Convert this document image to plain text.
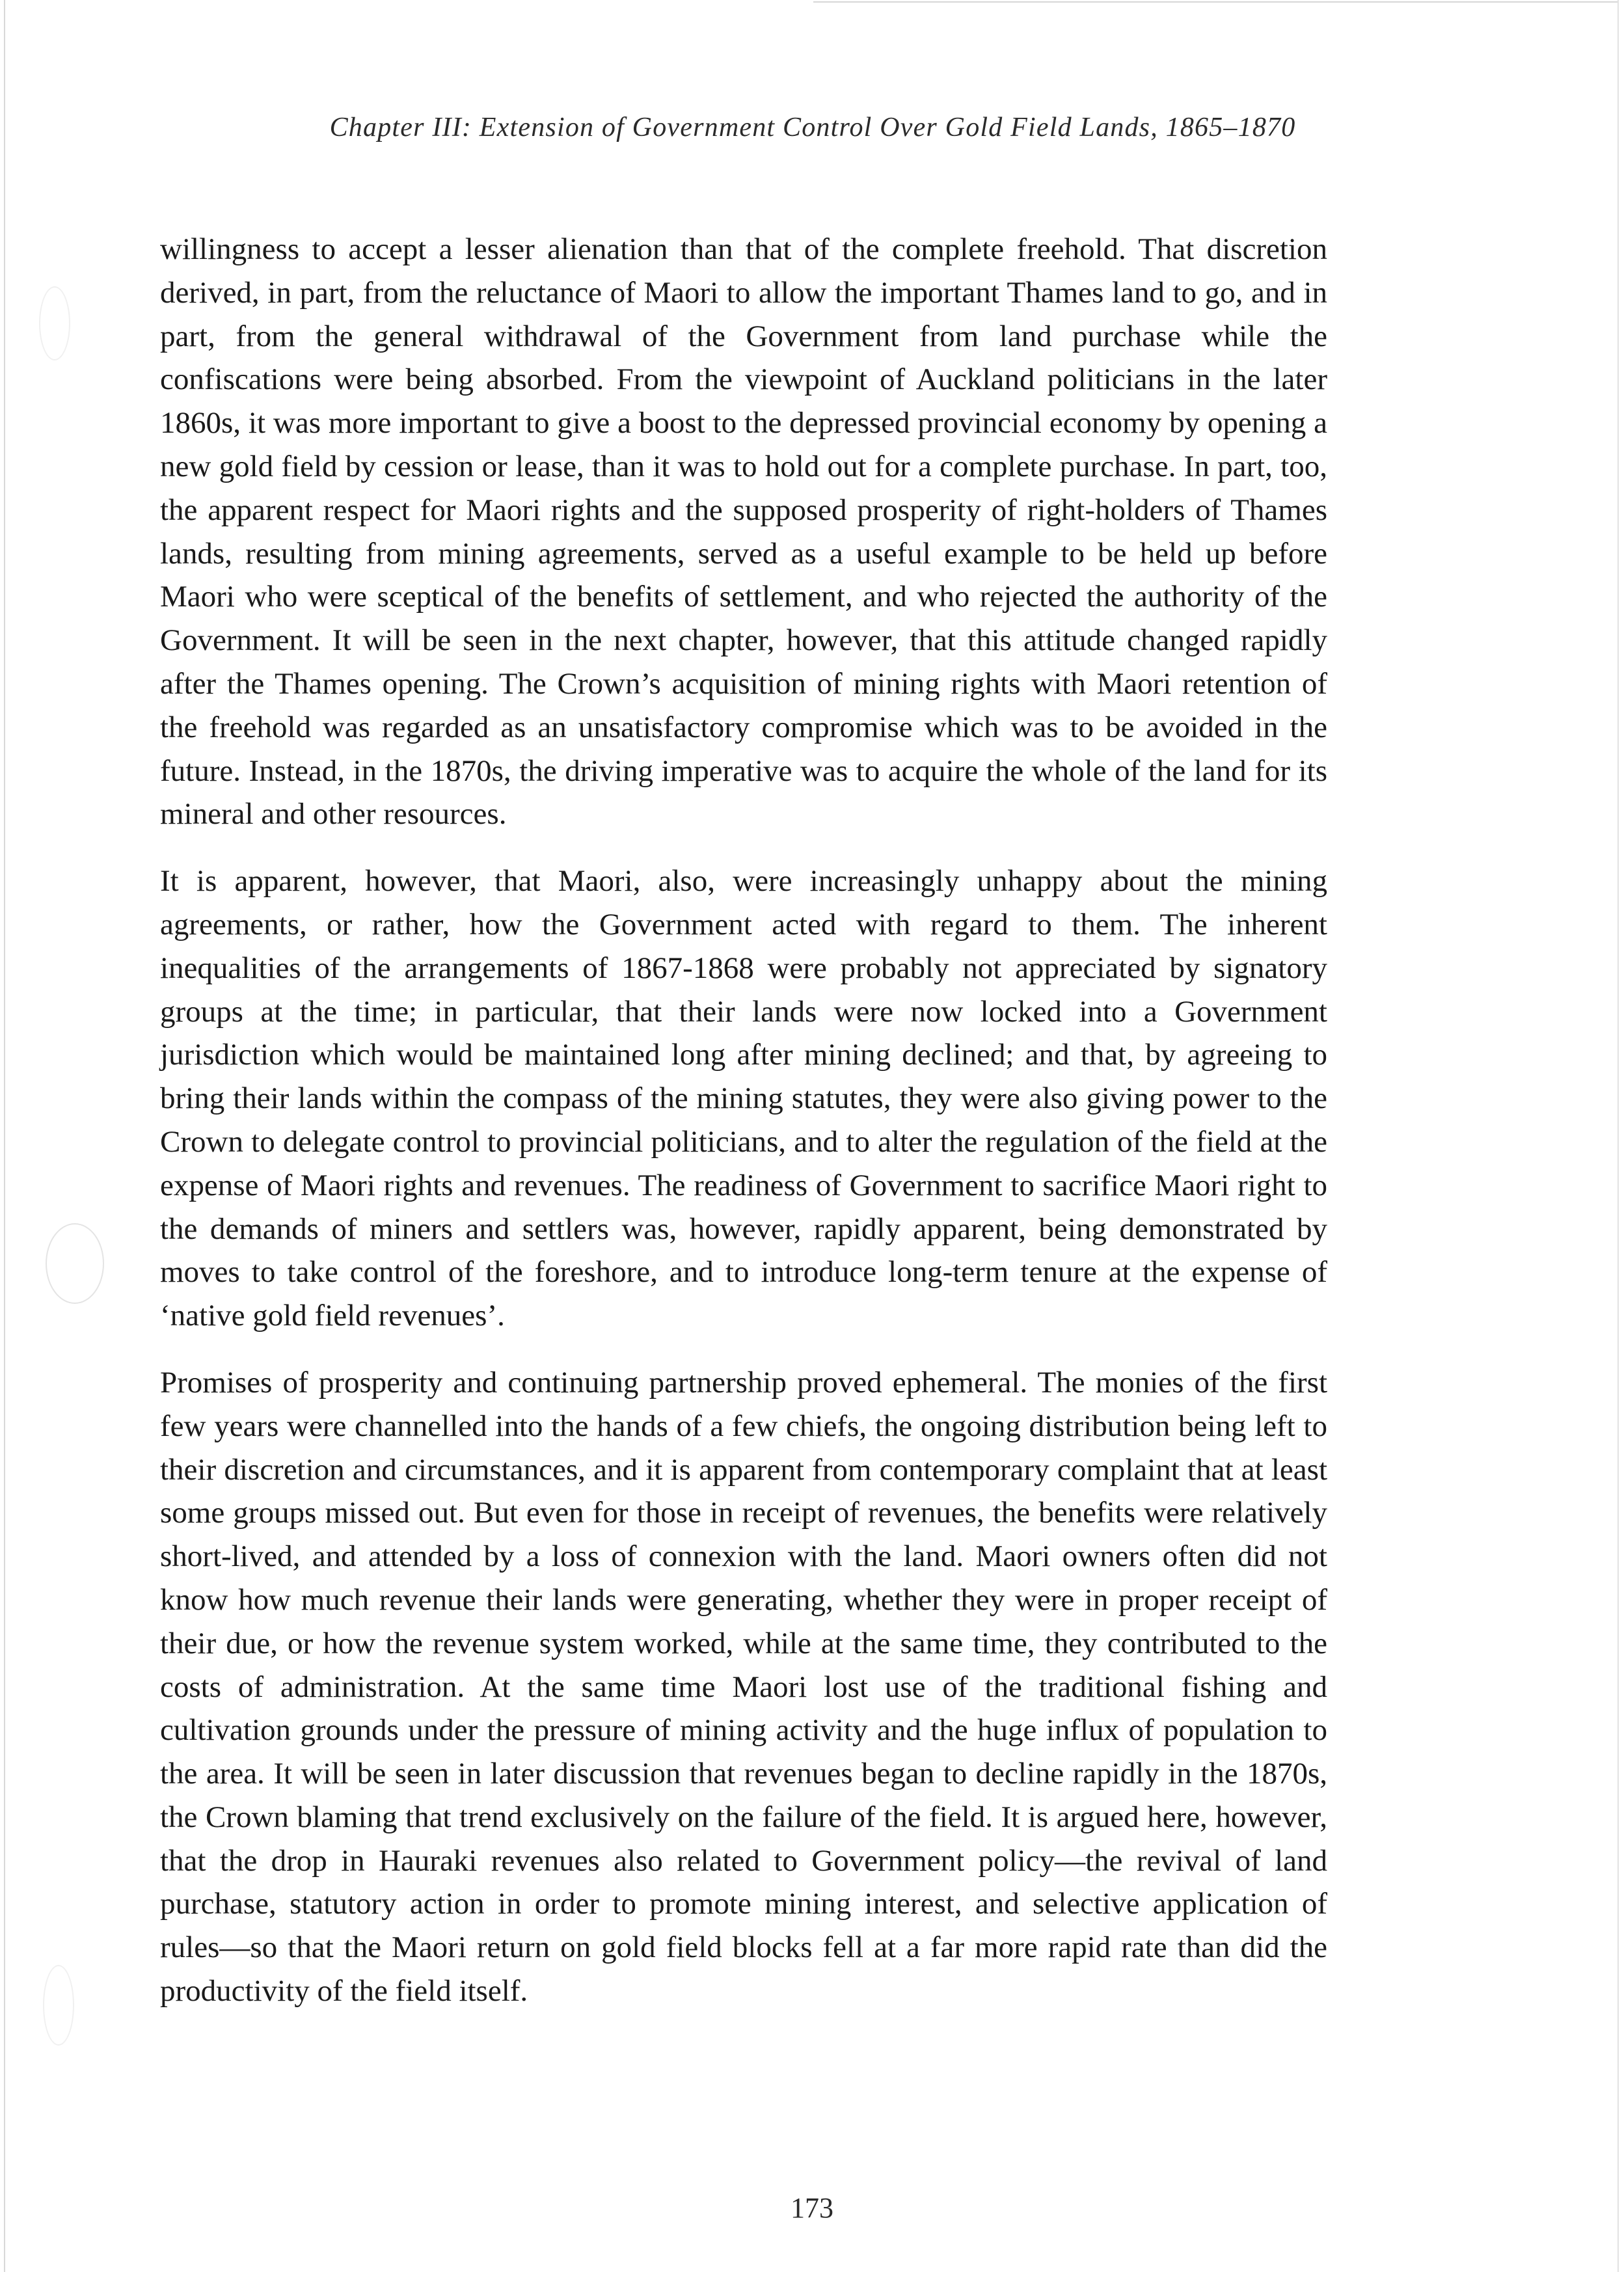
Chapter III: Extension of Government Control Over Gold Field Lands, 1865–1870

willingness to accept a lesser alienation than that of the complete freehold. That discretion derived, in part, from the reluctance of Maori to allow the important Thames land to go, and in part, from the general withdrawal of the Government from land purchase while the confiscations were being absorbed. From the viewpoint of Auckland politicians in the later 1860s, it was more important to give a boost to the depressed provincial economy by opening a new gold field by cession or lease, than it was to hold out for a complete purchase. In part, too, the apparent respect for Maori rights and the supposed prosperity of right-holders of Thames lands, resulting from mining agreements, served as a useful example to be held up before Maori who were sceptical of the benefits of settlement, and who rejected the authority of the Government. It will be seen in the next chapter, however, that this attitude changed rapidly after the Thames opening. The Crown’s acquisition of mining rights with Maori retention of the freehold was regarded as an unsatisfactory compromise which was to be avoided in the future. Instead, in the 1870s, the driving imperative was to acquire the whole of the land for its mineral and other resources.

It is apparent, however, that Maori, also, were increasingly unhappy about the mining agreements, or rather, how the Government acted with regard to them. The inherent inequalities of the arrangements of 1867-1868 were probably not appreciated by signatory groups at the time; in particular, that their lands were now locked into a Government jurisdiction which would be maintained long after mining declined; and that, by agreeing to bring their lands within the compass of the mining statutes, they were also giving power to the Crown to delegate control to provincial politicians, and to alter the regulation of the field at the expense of Maori rights and revenues. The readiness of Government to sacrifice Maori right to the demands of miners and settlers was, however, rapidly apparent, being demonstrated by moves to take control of the foreshore, and to introduce long-term tenure at the expense of ‘native gold field revenues’.

Promises of prosperity and continuing partnership proved ephemeral. The monies of the first few years were channelled into the hands of a few chiefs, the ongoing distribution being left to their discretion and circumstances, and it is apparent from contemporary complaint that at least some groups missed out. But even for those in receipt of revenues, the benefits were relatively short-lived, and attended by a loss of connexion with the land. Maori owners often did not know how much revenue their lands were generating, whether they were in proper receipt of their due, or how the revenue system worked, while at the same time, they contributed to the costs of administration. At the same time Maori lost use of the traditional fishing and cultivation grounds under the pressure of mining activity and the huge influx of population to the area. It will be seen in later discussion that revenues began to decline rapidly in the 1870s, the Crown blaming that trend exclusively on the failure of the field. It is argued here, however, that the drop in Hauraki revenues also related to Government policy—the revival of land purchase, statutory action in order to promote mining interest, and selective application of rules—so that the Maori return on gold field blocks fell at a far more rapid rate than did the productivity of the field itself.

173
